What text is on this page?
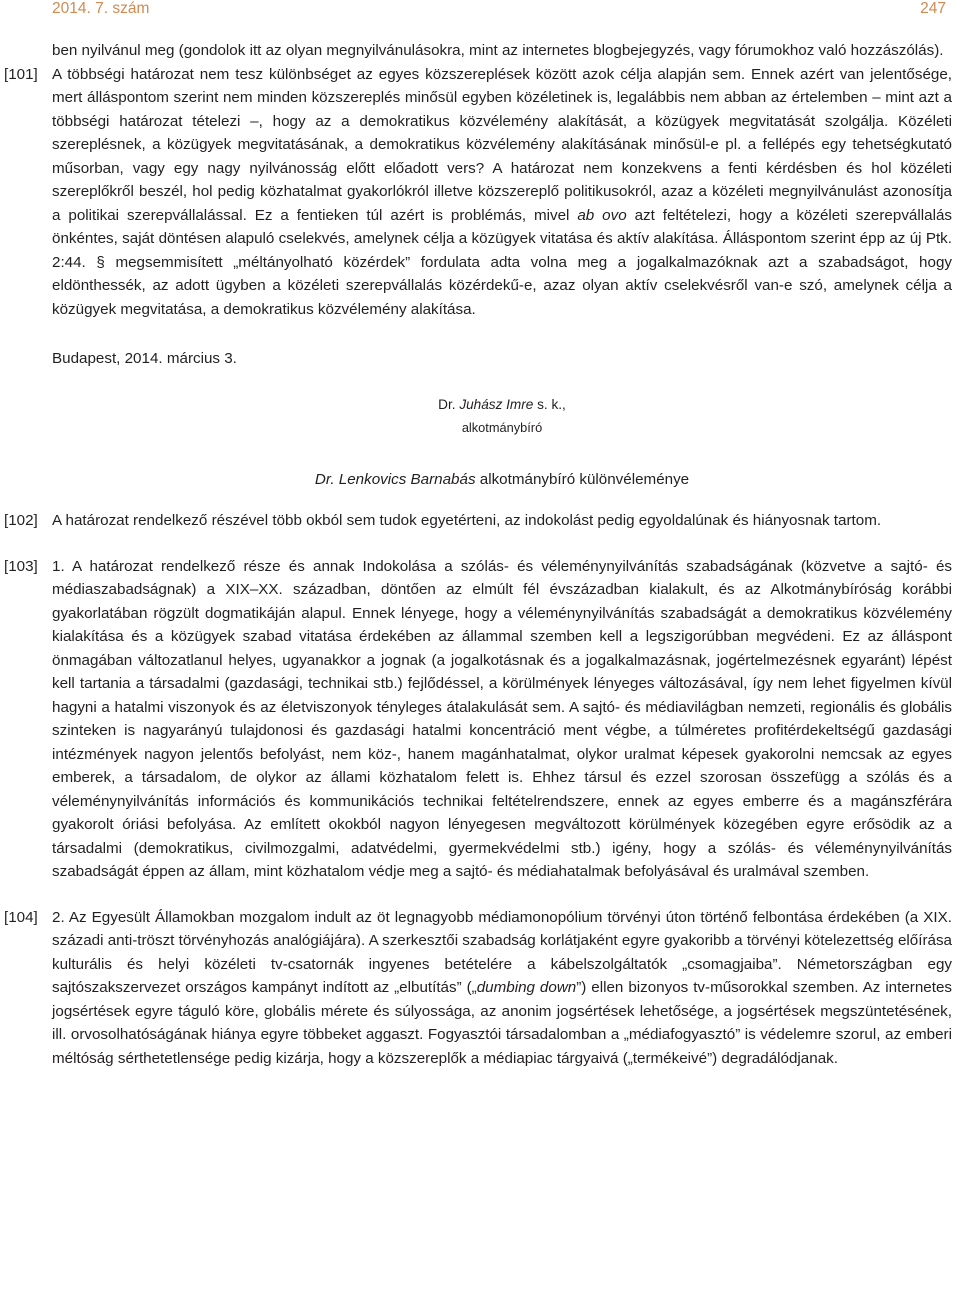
2014. 7. szám	247

ben nyilvánul meg (gondolok itt az olyan megnyilvánulásokra, mint az internetes blogbejegyzés, vagy fórumokhoz való hozzászólás).

[101] A többségi határozat nem tesz különbséget az egyes közszereplések között azok célja alapján sem. Ennek azért van jelentősége, mert álláspontom szerint nem minden közszereplés minősül egyben közéletinek is, legalábbis nem abban az értelemben – mint azt a többségi határozat tételezi –, hogy az a demokratikus közvélemény alakítását, a közügyek megvitatását szolgálja. Közéleti szereplésnek, a közügyek megvitatásának, a demokratikus közvélemény alakításának minősül-e pl. a fellépés egy tehetségkutató műsorban, vagy egy nagy nyilvánosság előtt előadott vers? A határozat nem konzekvens a fenti kérdésben és hol közéleti szereplőkről beszél, hol pedig közhatalmat gyakorlókról illetve közszereplő politikusokról, azaz a közéleti megnyilvánulást azonosítja a politikai szerepvállalással. Ez a fentieken túl azért is problémás, mivel ab ovo azt feltételezi, hogy a közéleti szerepvállalás önkéntes, saját döntésen alapuló cselekvés, amelynek célja a közügyek vitatása és aktív alakítása. Álláspontom szerint épp az új Ptk. 2:44. § megsemmisített „méltányolható közérdek” fordulata adta volna meg a jogalkalmazóknak azt a szabadságot, hogy eldönthessék, az adott ügyben a közéleti szerepvállalás közérdekű-e, azaz olyan aktív cselekvésről van-e szó, amelynek célja a közügyek megvitatása, a demokratikus közvélemény alakítása.

Budapest, 2014. március 3.

Dr. Juhász Imre s. k.,
alkotmánybíró

Dr. Lenkovics Barnabás alkotmánybíró különvéleménye

[102] A határozat rendelkező részével több okból sem tudok egyetérteni, az indokolást pedig egyoldalúnak és hiányosnak tartom.

[103] 1. A határozat rendelkező része és annak Indokolása a szólás- és véleménynyilvánítás szabadságának (közvetve a sajtó- és médiaszabadságnak) a XIX–XX. században, döntően az elmúlt fél évszázadban kialakult, és az Alkotmánybíróság korábbi gyakorlatában rögzült dogmatikáján alapul. Ennek lényege, hogy a véleménynyilvánítás szabadságát a demokratikus közvélemény kialakítása és a közügyek szabad vitatása érdekében az állammal szemben kell a legszigorúbban megvédeni. Ez az álláspont önmagában változatlanul helyes, ugyanakkor a jognak (a jogalkotásnak és a jogalkalmazásnak, jogértelmezésnek egyaránt) lépést kell tartania a társadalmi (gazdasági, technikai stb.) fejlődéssel, a körülmények lényeges változásával, így nem lehet figyelmen kívül hagyni a hatalmi viszonyok és az életviszonyok tényleges átalakulását sem. A sajtó- és médiavilágban nemzeti, regionális és globális szinteken is nagyarányú tulajdonosi és gazdasági hatalmi koncentráció ment végbe, a túlméretes profitérdekeltségű gazdasági intézmények nagyon jelentős befolyást, nem köz-, hanem magánhatalmat, olykor uralmat képesek gyakorolni nemcsak az egyes emberek, a társadalom, de olykor az állami közhatalom felett is. Ehhez társul és ezzel szorosan összefügg a szólás és a véleménynyilvánítás információs és kommunikációs technikai feltételrendszere, ennek az egyes emberre és a magánszférára gyakorolt óriási befolyása. Az említett okokból nagyon lényegesen megváltozott körülmények közegében egyre erősödik az a társadalmi (demokratikus, civilmozgalmi, adatvédelmi, gyermekvédelmi stb.) igény, hogy a szólás- és véleménynyilvánítás szabadságát éppen az állam, mint közhatalom védje meg a sajtó- és médiahatalmak befolyásával és uralmával szemben.

[104] 2. Az Egyesült Államokban mozgalom indult az öt legnagyobb médiamonopólium törvényi úton történő felbontása érdekében (a XIX. századi anti-tröszt törvényhozás analógiájára). A szerkesztői szabadság korlátjaként egyre gyakoribb a törvényi kötelezettség előírása kulturális és helyi közéleti tv-csatornák ingyenes betételére a kábelszolgáltatók „csomagjaiba”. Németországban egy sajtószakszervezet országos kampányt indított az „elbutítás” („dumbing down”) ellen bizonyos tv-műsorokkal szemben. Az internetes jogsértések egyre táguló köre, globális mérete és súlyossága, az anonim jogsértések lehetősége, a jogsértések megszüntetésének, ill. orvosolhatóságának hiánya egyre többeket aggaszt. Fogyasztói társadalomban a „médiafogyasztó” is védelemre szorul, az emberi méltóság sérthetetlensége pedig kizárja, hogy a közszereplők a médiapiac tárgyaivá („termékeivé”) degradálódjanak.
